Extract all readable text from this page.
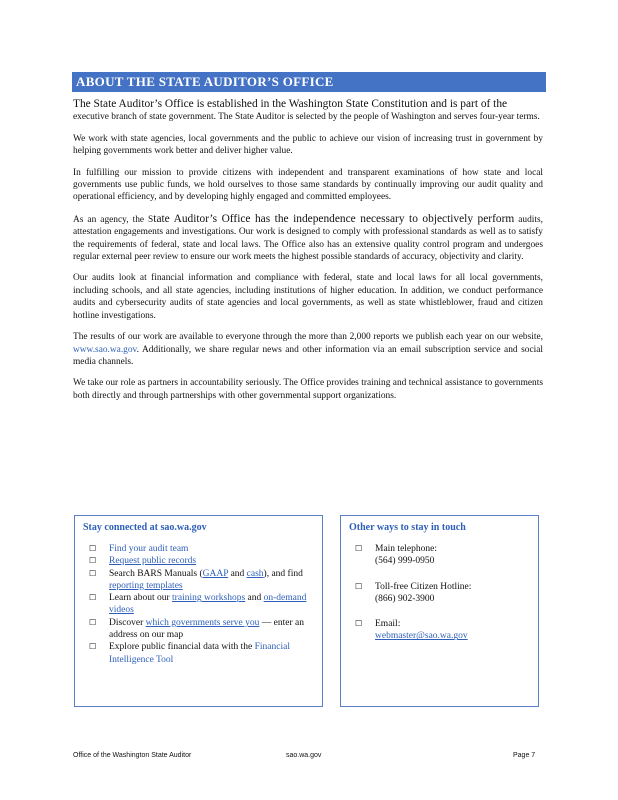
ABOUT THE STATE AUDITOR’S OFFICE

The State Auditor’s Office is established in the Washington State Constitution and is part of the
executive branch of state government. The State Auditor is selected by the people of Washington and serves four-year terms.

We work with state agencies, local governments and the public to achieve our vision of increasing trust in government by helping governments work better and deliver higher value.

In fulfilling our mission to provide citizens with independent and transparent examinations of how state and local governments use public funds, we hold ourselves to those same standards by continually improving our audit quality and operational efficiency, and by developing highly engaged and committed employees.

As an agency, the State Auditor’s Office has the independence necessary to objectively perform audits, attestation engagements and investigations. Our work is designed to comply with professional standards as well as to satisfy the requirements of federal, state and local laws. The Office also has an extensive quality control program and undergoes regular external peer review to ensure our work meets the highest possible standards of accuracy, objectivity and clarity.

Our audits look at financial information and compliance with federal, state and local laws for all local governments, including schools, and all state agencies, including institutions of higher education. In addition, we conduct performance audits and cybersecurity audits of state agencies and local governments, as well as state whistleblower, fraud and citizen hotline investigations.

The results of our work are available to everyone through the more than 2,000 reports we publish each year on our website, www.sao.wa.gov. Additionally, we share regular news and other information via an email subscription service and social media channels.

We take our role as partners in accountability seriously. The Office provides training and technical assistance to governments both directly and through partnerships with other governmental support organizations.

Stay connected at sao.wa.gov
☐ Find your audit team
☐ Request public records
☐ Search BARS Manuals (GAAP and cash), and find reporting templates
☐ Learn about our training workshops and on-demand videos
☐ Discover which governments serve you — enter an address on our map
☐ Explore public financial data with the Financial Intelligence Tool
Other ways to stay in touch
☐ Main telephone:
(564) 999-0950
☐ Toll-free Citizen Hotline:
(866) 902-3900
☐ Email:
webmaster@sao.wa.gov
Office of the Washington State Auditor	sao.wa.gov	Page 7
